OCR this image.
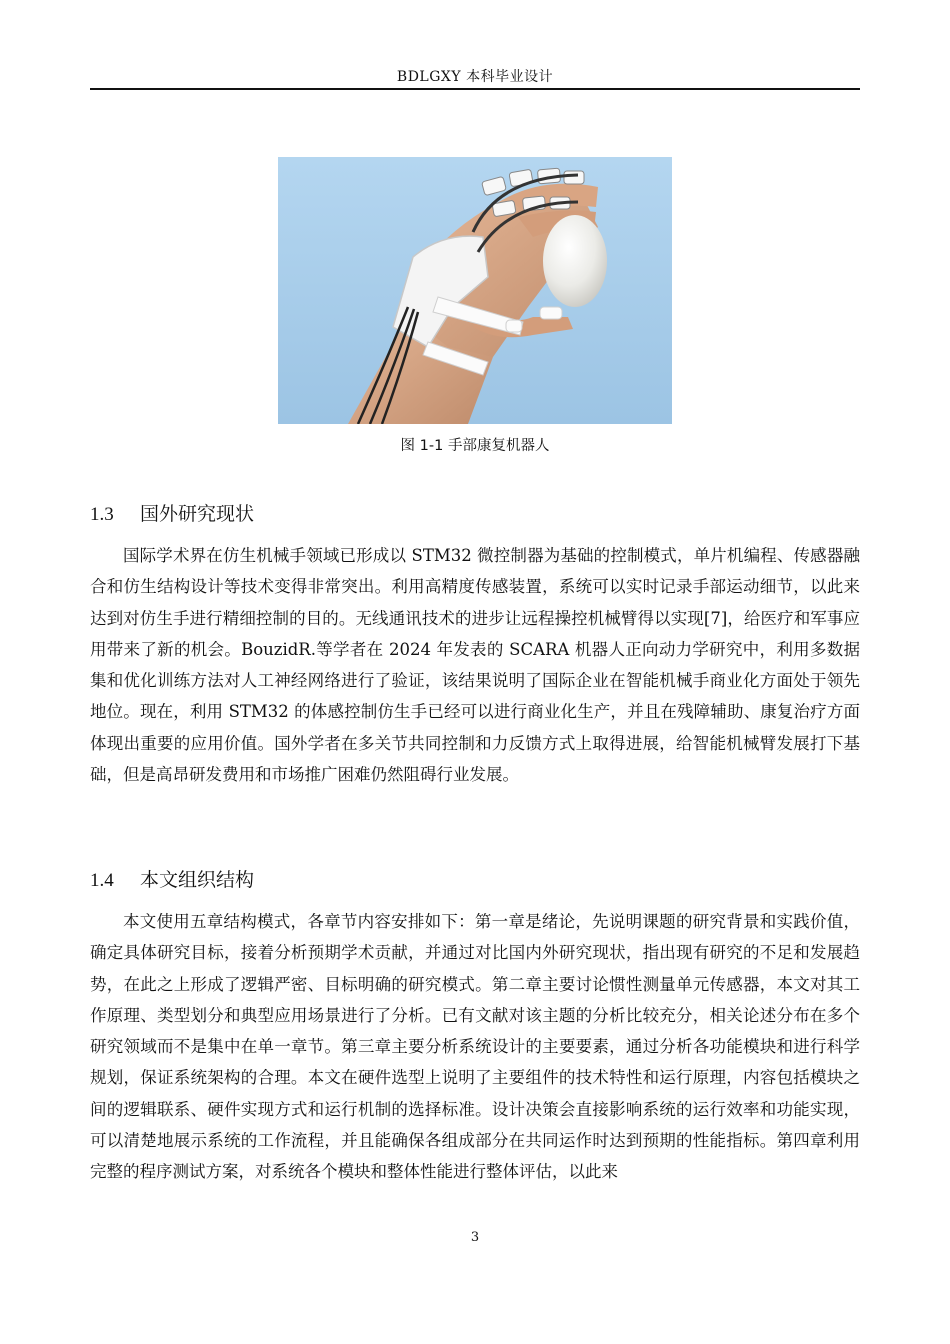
BDLGXY 本科毕业设计
图 1-1 手部康复机器人
1.3 国外研究现状

国际学术界在仿生机械手领域已形成以 STM32 微控制器为基础的控制模式，单片机编程、传感器融合和仿生结构设计等技术变得非常突出。利用高精度传感装置，系统可以实时记录手部运动细节，以此来达到对仿生手进行精细控制的目的。无线通讯技术的进步让远程操控机械臂得以实现[7]，给医疗和军事应用带来了新的机会。BouzidR.等学者在 2024 年发表的 SCARA 机器人正向动力学研究中，利用多数据集和优化训练方法对人工神经网络进行了验证，该结果说明了国际企业在智能机械手商业化方面处于领先地位。现在，利用 STM32 的体感控制仿生手已经可以进行商业化生产，并且在残障辅助、康复治疗方面体现出重要的应用价值。国外学者在多关节共同控制和力反馈方式上取得进展，给智能机械臂发展打下基础，但是高昂研发费用和市场推广困难仍然阻碍行业发展。

1.4 本文组织结构

本文使用五章结构模式，各章节内容安排如下：第一章是绪论，先说明课题的研究背景和实践价值，确定具体研究目标，接着分析预期学术贡献，并通过对比国内外研究现状，指出现有研究的不足和发展趋势，在此之上形成了逻辑严密、目标明确的研究模式。第二章主要讨论惯性测量单元传感器，本文对其工作原理、类型划分和典型应用场景进行了分析。已有文献对该主题的分析比较充分，相关论述分布在多个研究领域而不是集中在单一章节。第三章主要分析系统设计的主要要素，通过分析各功能模块和进行科学规划，保证系统架构的合理。本文在硬件选型上说明了主要组件的技术特性和运行原理，内容包括模块之间的逻辑联系、硬件实现方式和运行机制的选择标准。设计决策会直接影响系统的运行效率和功能实现，可以清楚地展示系统的工作流程，并且能确保各组成部分在共同运作时达到预期的性能指标。第四章利用完整的程序测试方案，对系统各个模块和整体性能进行整体评估，以此来

3
